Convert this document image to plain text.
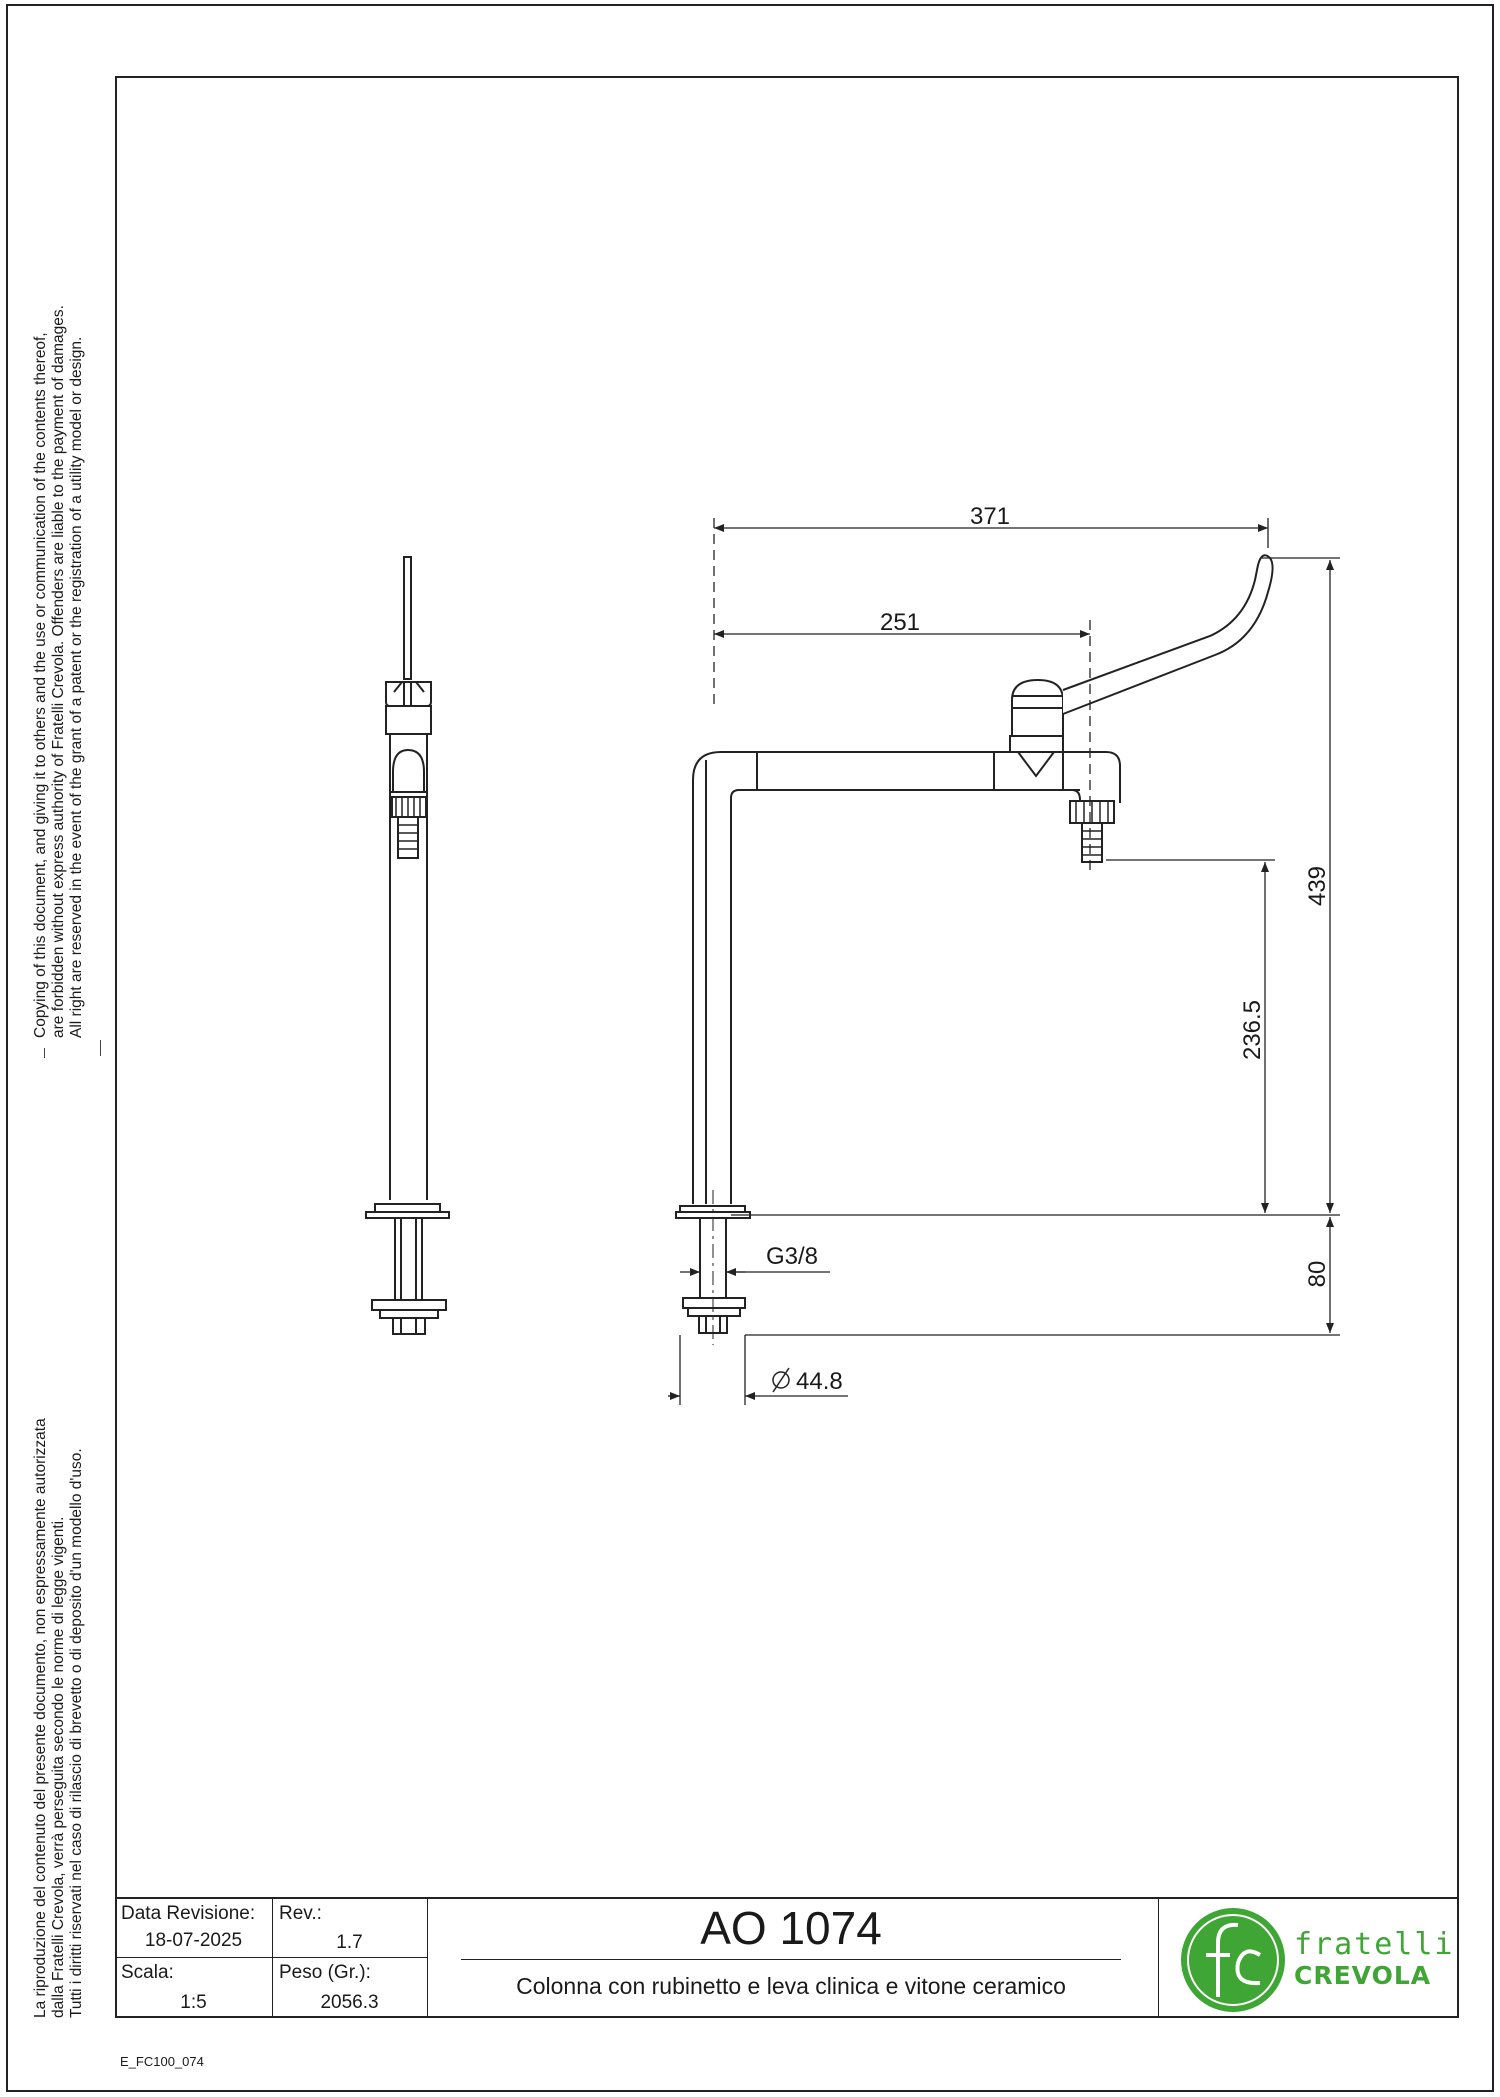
Copying of this document, and giving it to others and the use or communication of the contents thereof, are forbidden without express authority of Fratelli Crevola. Offenders are liable to the payment of damages. All right are reserved in the event of the grant of a patent or the registration of a utility model or design.
La riproduzione del contenuto del presente documento, non espressamente autorizzata dalla Fratelli Crevola, verrà perseguita secondo le norme di legge vigenti. Tutti i diritti riservati nel caso di rilascio di brevetto o di deposito d'un modello d'uso.
371
251
439
236.5
80
G3/8
44.8
Data Revisione:
18-07-2025
Rev.:
1.7
Scala:
1:5
Peso (Gr.):
2056.3
AO 1074
Colonna con rubinetto e leva clinica e vitone ceramico
fratelli
CREVOLA
E_FC100_074
